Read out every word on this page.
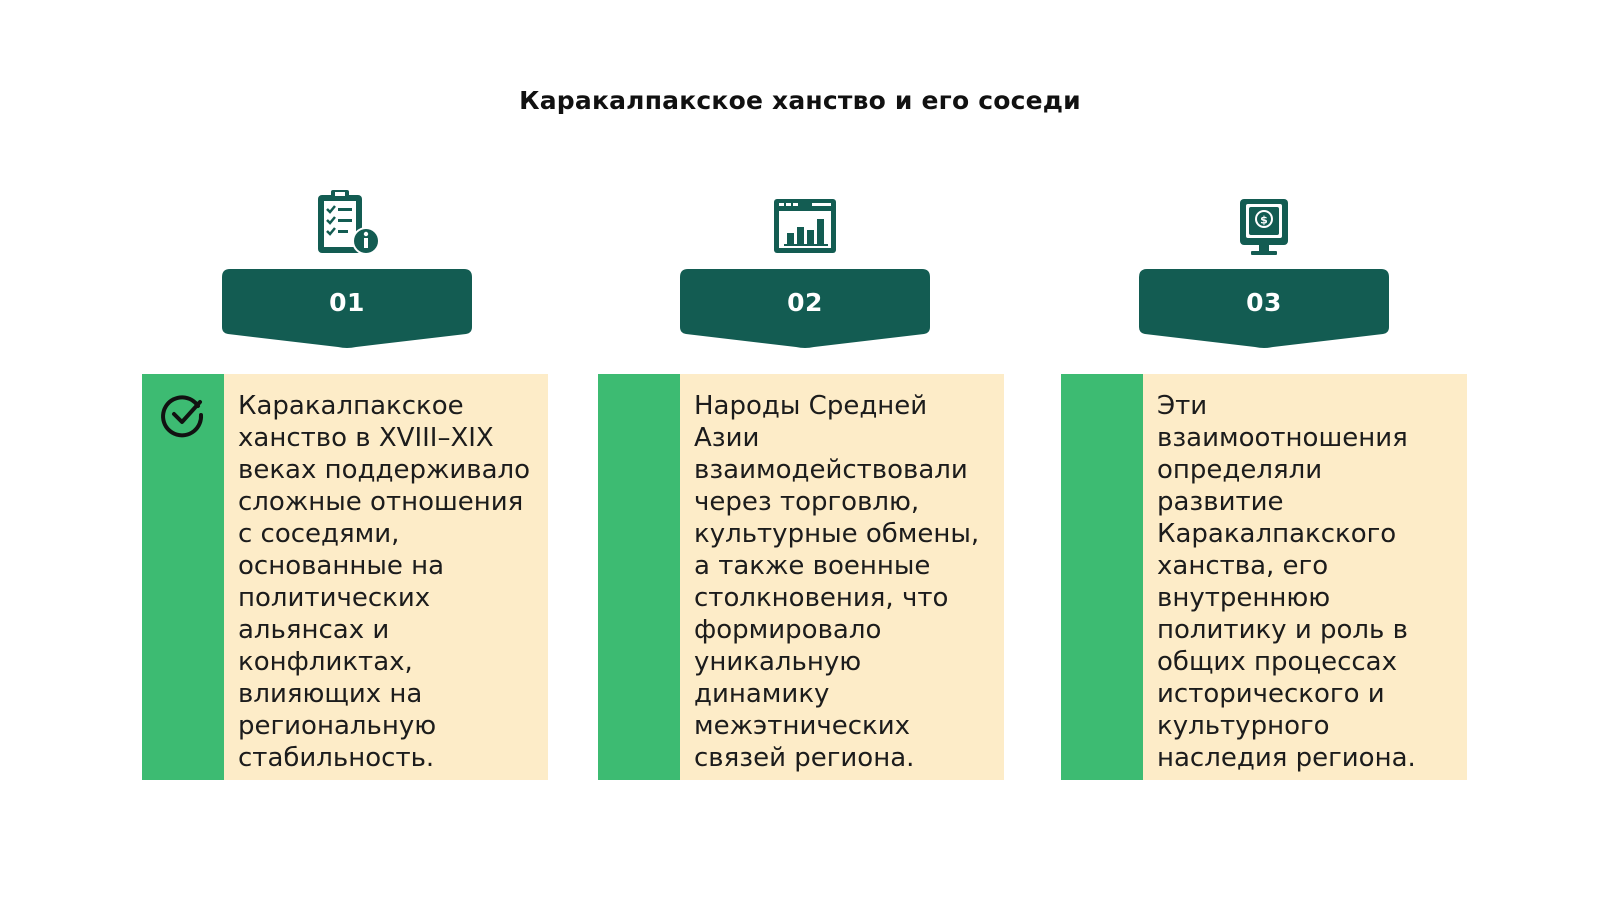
Каракалпакское ханство и его соседи
01	02
$
03

Каракалпакское ханство в XVIII–XIX веках поддерживало сложные отношения с соседями, основанные на политических альянсах и конфликтах, влияющих на региональную стабильность.

Народы Средней Азии взаимодействовали через торговлю, культурные обмены, а также военные столкновения, что формировало уникальную динамику межэтнических связей региона.

Эти взаимоотношения определяли развитие Каракалпакского ханства, его внутреннюю политику и роль в общих процессах исторического и культурного наследия региона.
